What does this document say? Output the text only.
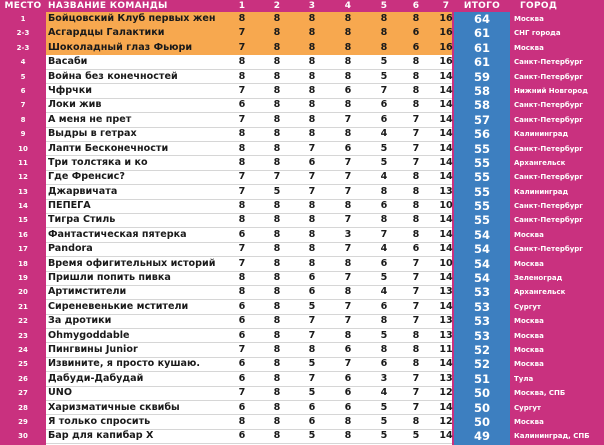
МЕСТО НАЗВАНИЕ КОМАНДЫ	1	2	3	4	5	6	7	ИТОГО	ГОРОД
1	Бойцовский Клуб первых жен	8	8	8	8	8	8	16	64	Москва
2-3	Асгардцы Галактики	7	8	8	8	8	6	16	61	СНГ города
2-3	Шоколадный глаз Фьюри	7	8	8	8	8	6	16	61	Москва
4	Васаби	8	8	8	8	5	8	16	61	Санкт-Петербург
5	Война без конечностей	8	8	8	8	5	8	14	59	Санкт-Петербург
6	Чфрчки	7	8	8	6	7	8	14	58	Нижний Новгород
7	Локи жив	6	8	8	8	6	8	14	58	Санкт-Петербург
8	А меня не прет	7	8	8	7	6	7	14	57	Санкт-Петербург
9	Выдры в гетрах	8	8	8	8	4	7	14	56	Калининград
10	Лапти Бесконечности	8	8	7	6	5	7	14	55	Санкт-Петербург
11	Три толстяка и ко	8	8	6	7	5	7	14	55	Архангельск
12	Где Френсис?	7	7	7	7	4	8	14	55	Санкт-Петербург
13	Джарвичата	7	5	7	7	8	8	13	55	Калининград
14	ПЕПЕГА	8	8	8	8	6	8	10	55	Санкт-Петербург
15	Тигра Стиль	8	8	8	7	8	8	14	55	Санкт-Петербург
16	Фантастическая пятерка	6	8	8	3	7	8	14	54	Москва
17	Pandora	7	8	8	7	4	6	14	54	Санкт-Петербург
18	Время офигительных историй	7	8	8	8	6	7	10	54	Москва
19	Пришли попить пивка	8	8	6	7	5	7	14	54	Зеленоград
20	Артимстители	8	8	6	8	4	7	13	53	Архангельск
21	Сиреневенькие мстители	6	8	5	7	6	7	14	53	Сургут
22	За дротики	6	8	7	7	8	7	13	53	Москва
23	Ohmygoddable	6	8	7	8	5	8	13	53	Москва
24	Пингвины Junior	7	8	8	6	8	8	11	52	Москва
25	Извините, я просто кушаю.	6	8	5	7	6	8	14	52	Москва
26	Дабуди-Дабудай	6	8	7	6	3	7	13	51	Тула
27	UNO	7	8	5	6	4	7	12	50	Москва, СПБ
28	Харизматичные сквибы	6	8	6	6	5	7	14	50	Сургут
29	Я только спросить	8	8	6	8	5	8	12	50	Москва
30	Бар для капибар X	6	8	5	8	5	5	14	49	Калининград, СПБ
